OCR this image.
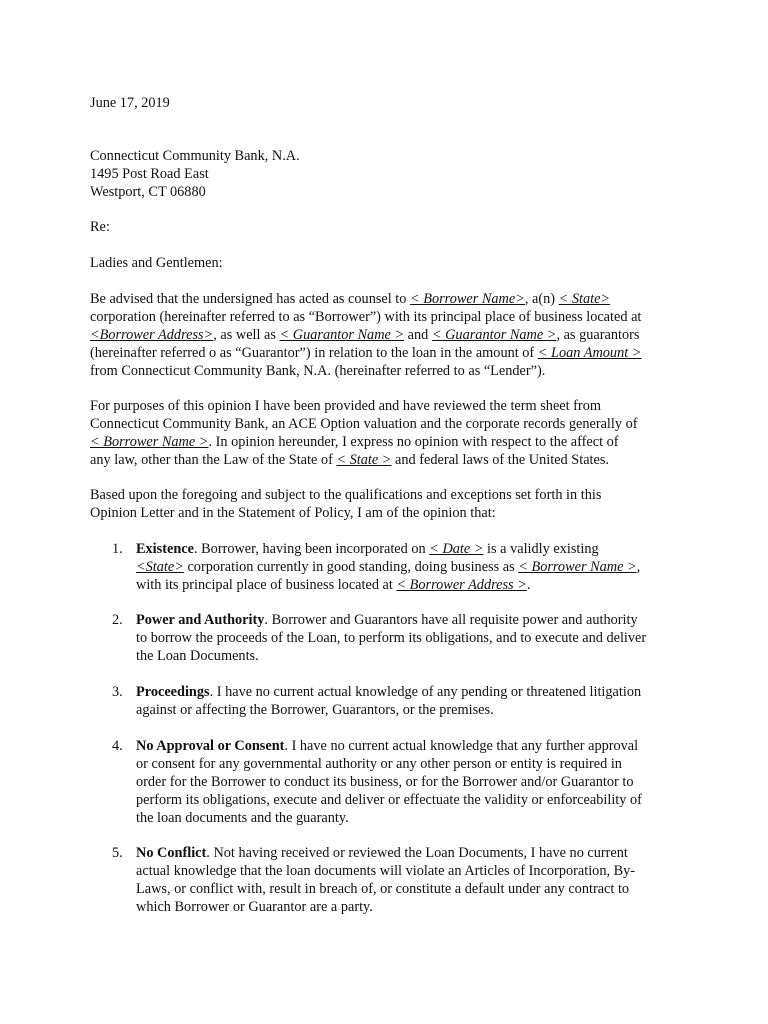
June 17, 2019
Connecticut Community Bank, N.A.
1495 Post Road East
Westport, CT 06880
Re:
Ladies and Gentlemen:
Be advised that the undersigned has acted as counsel to < Borrower Name>, a(n) < State>
corporation (hereinafter referred to as “Borrower”) with its principal place of business located at
<Borrower Address>, as well as < Guarantor Name > and < Guarantor Name >, as guarantors
(hereinafter referred o as “Guarantor”) in relation to the loan in the amount of < Loan Amount >
from Connecticut Community Bank, N.A. (hereinafter referred to as “Lender”).
For purposes of this opinion I have been provided and have reviewed the term sheet from
Connecticut Community Bank, an ACE Option valuation and the corporate records generally of
< Borrower Name >. In opinion hereunder, I express no opinion with respect to the affect of
any law, other than the Law of the State of < State > and federal laws of the United States.
Based upon the foregoing and subject to the qualifications and exceptions set forth in this
Opinion Letter and in the Statement of Policy, I am of the opinion that:
1. Existence. Borrower, having been incorporated on < Date > is a validly existing
<State> corporation currently in good standing, doing business as < Borrower Name >,
with its principal place of business located at < Borrower Address >.
2. Power and Authority. Borrower and Guarantors have all requisite power and authority
to borrow the proceeds of the Loan, to perform its obligations, and to execute and deliver
the Loan Documents.
3. Proceedings. I have no current actual knowledge of any pending or threatened litigation
against or affecting the Borrower, Guarantors, or the premises.
4. No Approval or Consent. I have no current actual knowledge that any further approval
or consent for any governmental authority or any other person or entity is required in
order for the Borrower to conduct its business, or for the Borrower and/or Guarantor to
perform its obligations, execute and deliver or effectuate the validity or enforceability of
the loan documents and the guaranty.
5. No Conflict. Not having received or reviewed the Loan Documents, I have no current
actual knowledge that the loan documents will violate an Articles of Incorporation, By-
Laws, or conflict with, result in breach of, or constitute a default under any contract to
which Borrower or Guarantor are a party.
